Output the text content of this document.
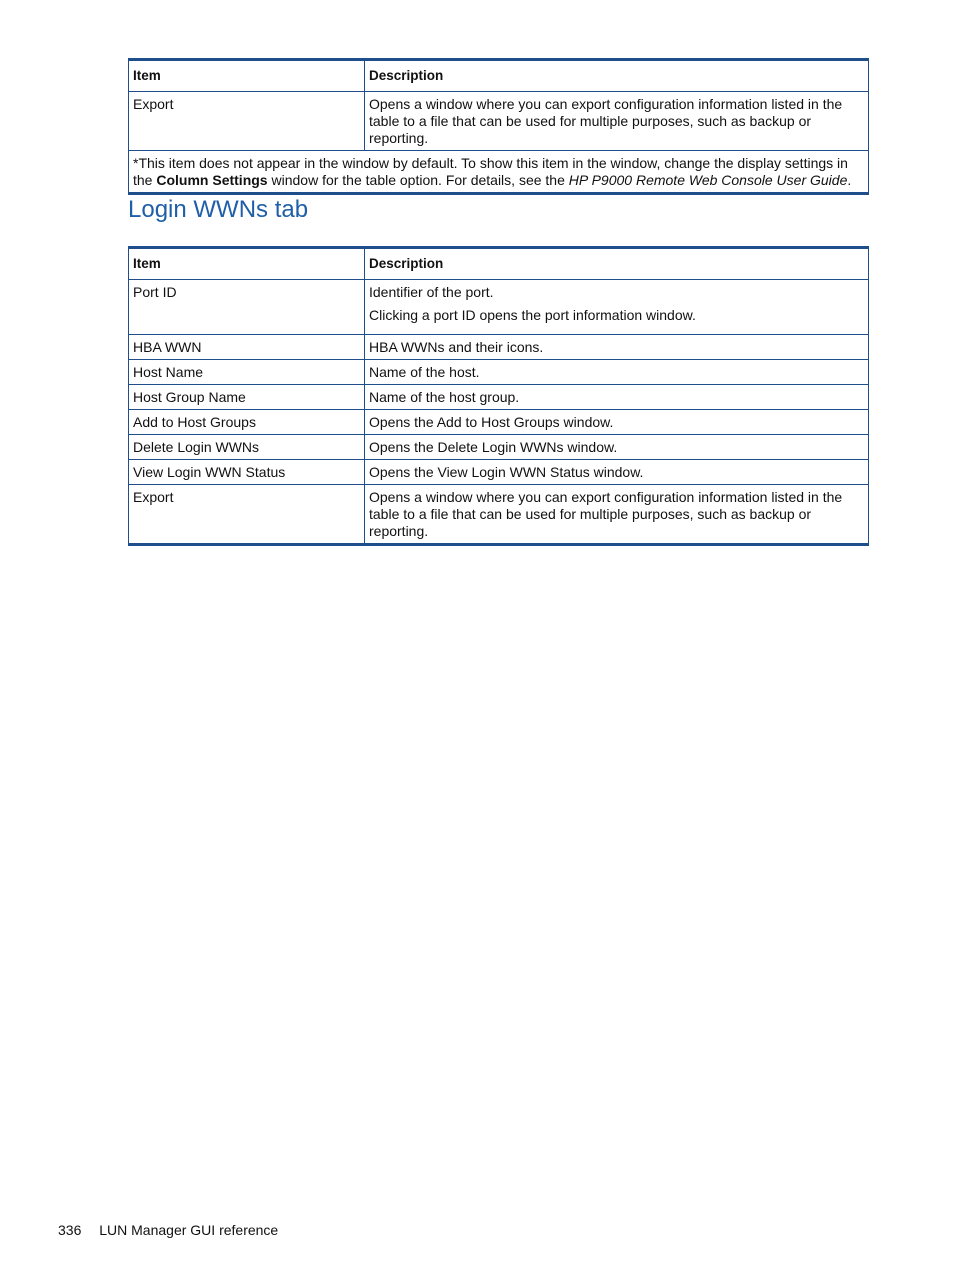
Item	Description
Export	Opens a window where you can export configuration information listed in the table to a file that can be used for multiple purposes, such as backup or reporting.
*This item does not appear in the window by default. To show this item in the window, change the display settings in the Column Settings window for the table option. For details, see the HP P9000 Remote Web Console User Guide.	
Login WWNs tab
Item	Description
Port ID	Identifier of the port.

Clicking a port ID opens the port information window.

HBA WWN	HBA WWNs and their icons.
Host Name	Name of the host.
Host Group Name	Name of the host group.
Add to Host Groups	Opens the Add to Host Groups window.
Delete Login WWNs	Opens the Delete Login WWNs window.
View Login WWN Status	Opens the View Login WWN Status window.
Export	Opens a window where you can export configuration information listed in the table to a file that can be used for multiple purposes, such as backup or reporting.
336 LUN Manager GUI reference
